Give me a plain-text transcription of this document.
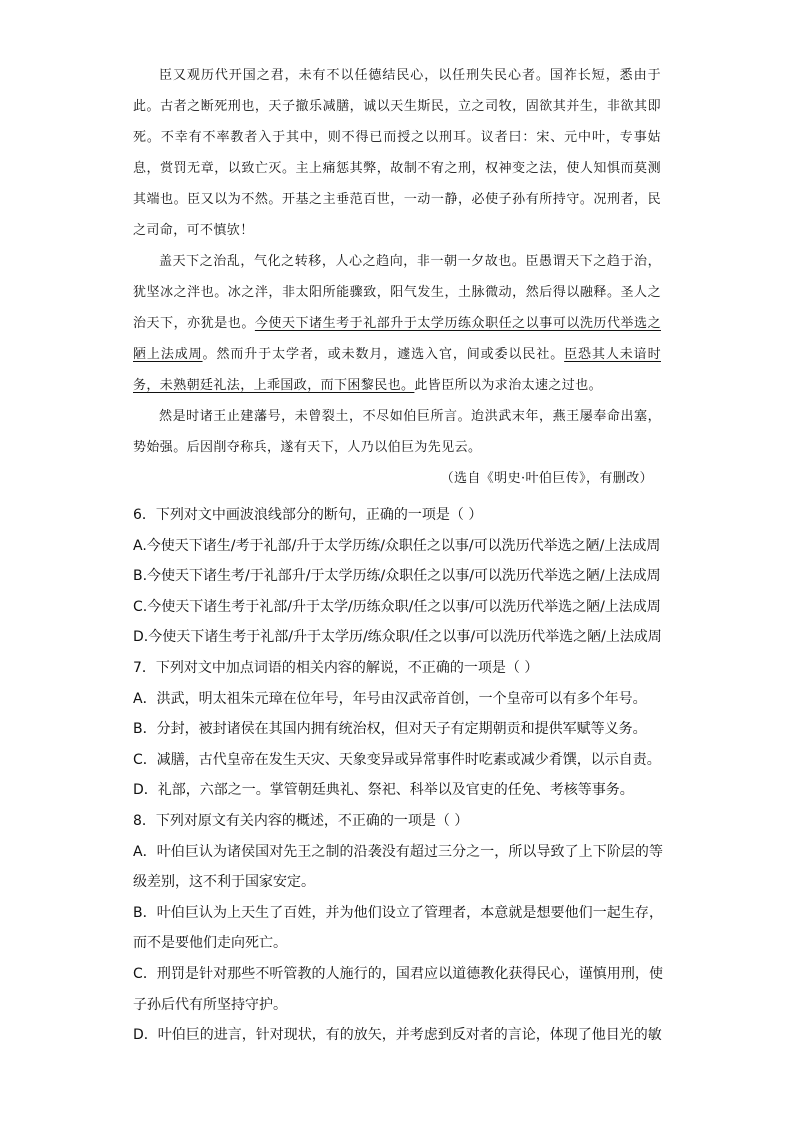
臣又观历代开国之君，未有不以任德结民心，以任刑失民心者。国祚长短，悉由于此。古者之断死刑也，天子撤乐减膳，诚以天生斯民，立之司牧，固欲其并生，非欲其即死。不幸有不率教者入于其中，则不得已而授之以刑耳。议者曰：宋、元中叶，专事姑息，赏罚无章，以致亡灭。主上痛惩其弊，故制不宥之刑，权神变之法，使人知惧而莫测其端也。臣又以为不然。开基之主垂范百世，一动一静，必使子孙有所持守。况刑者，民之司命，可不慎欤！

盖天下之治乱，气化之转移，人心之趋向，非一朝一夕故也。臣愚谓天下之趋于治，犹坚冰之泮也。冰之泮，非太阳所能骤致，阳气发生，土脉微动，然后得以融释。圣人之治天下，亦犹是也。今使天下诸生考于礼部升于太学历练众职任之以事可以洗历代举选之陋上法成周。然而升于太学者，或未数月，遽选入官，间或委以民社。臣恐其人未谙时务，未熟朝廷礼法，上乖国政，而下困黎民也。此皆臣所以为求治太速之过也。

然是时诸王止建藩号，未曾裂土，不尽如伯巨所言。迨洪武末年，燕王屡奉命出塞，势始强。后因削夺称兵，遂有天下，人乃以伯巨为先见云。

（选自《明史·叶伯巨传》，有删改）

6．下列对文中画波浪线部分的断句，正确的一项是（ ）

A.今使天下诸生/考于礼部/升于太学历练/众职任之以事/可以洗历代举选之陋/上法成周

B.今使天下诸生考/于礼部升/于太学历练/众职任之以事/可以洗历代举选之陋/上法成周

C.今使天下诸生考于礼部/升于太学/历练众职/任之以事/可以洗历代举选之陋/上法成周

D.今使天下诸生考于礼部/升于太学历/练众职/任之以事/可以洗历代举选之陋/上法成周

7．下列对文中加点词语的相关内容的解说，不正确的一项是（ ）

A．洪武，明太祖朱元璋在位年号，年号由汉武帝首创，一个皇帝可以有多个年号。

B．分封，被封诸侯在其国内拥有统治权，但对天子有定期朝贡和提供军赋等义务。

C．减膳，古代皇帝在发生天灾、天象变异或异常事件时吃素或减少肴馔，以示自责。

D．礼部，六部之一。掌管朝廷典礼、祭祀、科举以及官吏的任免、考核等事务。

8．下列对原文有关内容的概述，不正确的一项是（ ）

A．叶伯巨认为诸侯国对先王之制的沿袭没有超过三分之一，所以导致了上下阶层的等级差别，这不利于国家安定。

B．叶伯巨认为上天生了百姓，并为他们设立了管理者，本意就是想要他们一起生存，而不是要他们走向死亡。

C．刑罚是针对那些不听管教的人施行的，国君应以道德教化获得民心，谨慎用刑，使子孙后代有所坚持守护。

D．叶伯巨的进言，针对现状，有的放矢，并考虑到反对者的言论，体现了他目光的敏
